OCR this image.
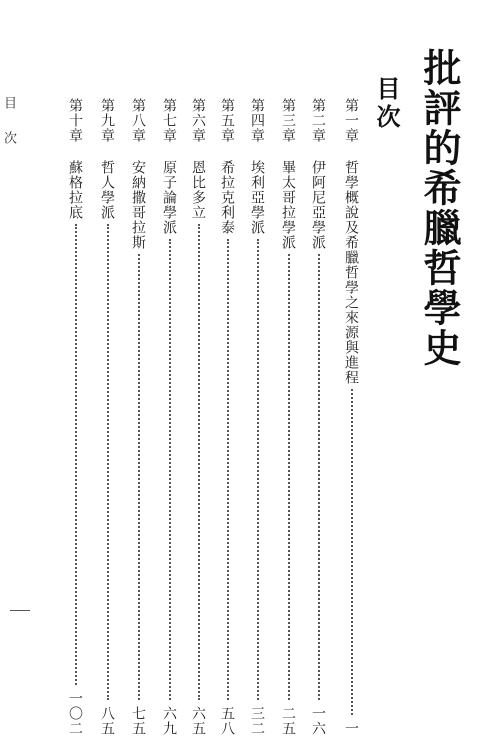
批評的希臘哲學史
目次
目次	第一章
哲學概說及希臘哲學之來源與進程
一
第二章
伊阿尼亞學派
一六
第三章
畢太哥拉學派
二五
第四章
埃利亞學派
三二
第五章
希拉克利泰
五八
第六章
恩比多立
六五
第七章
原子論學派
六九
第八章
安納撒哥拉斯
七五
第九章
哲人學派
八五
第十章
蘇格拉底
一〇二
